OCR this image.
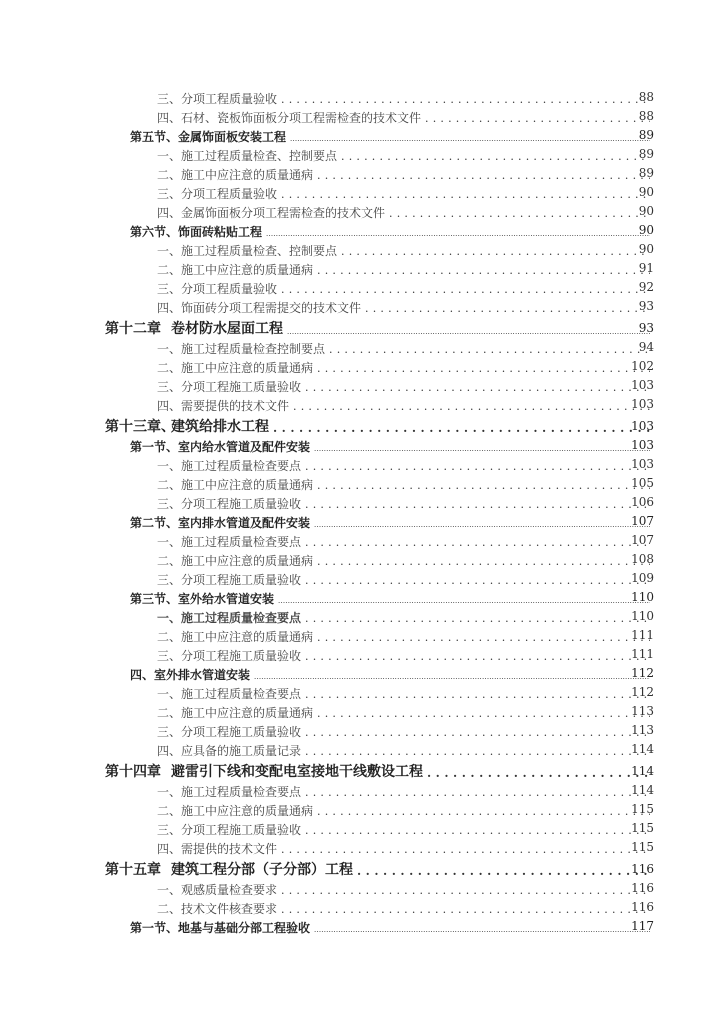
三、分项工程质量验收 .....	88
四、石材、瓷板饰面板分项工程需检查的技术文件 .....	88
第五节、金属饰面板安装工程 .....	89
一、施工过程质量检查、控制要点 .....	89
二、施工中应注意的质量通病 .....	89
三、分项工程质量验收 .....	90
四、金属饰面板分项工程需检查的技术文件 .....	90
第六节、饰面砖粘贴工程 .....	90
一、施工过程质量检查、控制要点 .....	90
二、施工中应注意的质量通病 .....	91
三、分项工程质量验收 .....	92
四、饰面砖分项工程需提交的技术文件 .....	93
第十二章 卷材防水屋面工程 .....	93
一、施工过程质量检查控制要点 .....	94
二、施工中应注意的质量通病 .....	102
三、分项工程施工质量验收 .....	103
四、需要提供的技术文件 .....	103
第十三章、建筑给排水工程 .....	103
第一节、室内给水管道及配件安装 .....	103
一、施工过程质量检查要点 .....	103
二、施工中应注意的质量通病 .....	105
三、分项工程施工质量验收 .....	106
第二节、室内排水管道及配件安装 .....	107
一、施工过程质量检查要点 .....	107
二、施工中应注意的质量通病 .....	108
三、分项工程施工质量验收 .....	109
第三节、室外给水管道安装 .....	110
一、施工过程质量检查要点 .....	110
二、施工中应注意的质量通病 .....	111
三、分项工程施工质量验收 .....	111
四、室外排水管道安装 .....	112
一、施工过程质量检查要点 .....	112
二、施工中应注意的质量通病 .....	113
三、分项工程施工质量验收 .....	113
四、应具备的施工质量记录 .....	114
第十四章 避雷引下线和变配电室接地干线敷设工程 .....	114
一、施工过程质量检查要点 .....	114
二、施工中应注意的质量通病 .....	115
三、分项工程施工质量验收 .....	115
四、需提供的技术文件 .....	115
第十五章 建筑工程分部（子分部）工程 .....	116
一、观感质量检查要求 .....	116
二、技术文件核查要求 .....	116
第一节、地基与基础分部工程验收 .....	117
